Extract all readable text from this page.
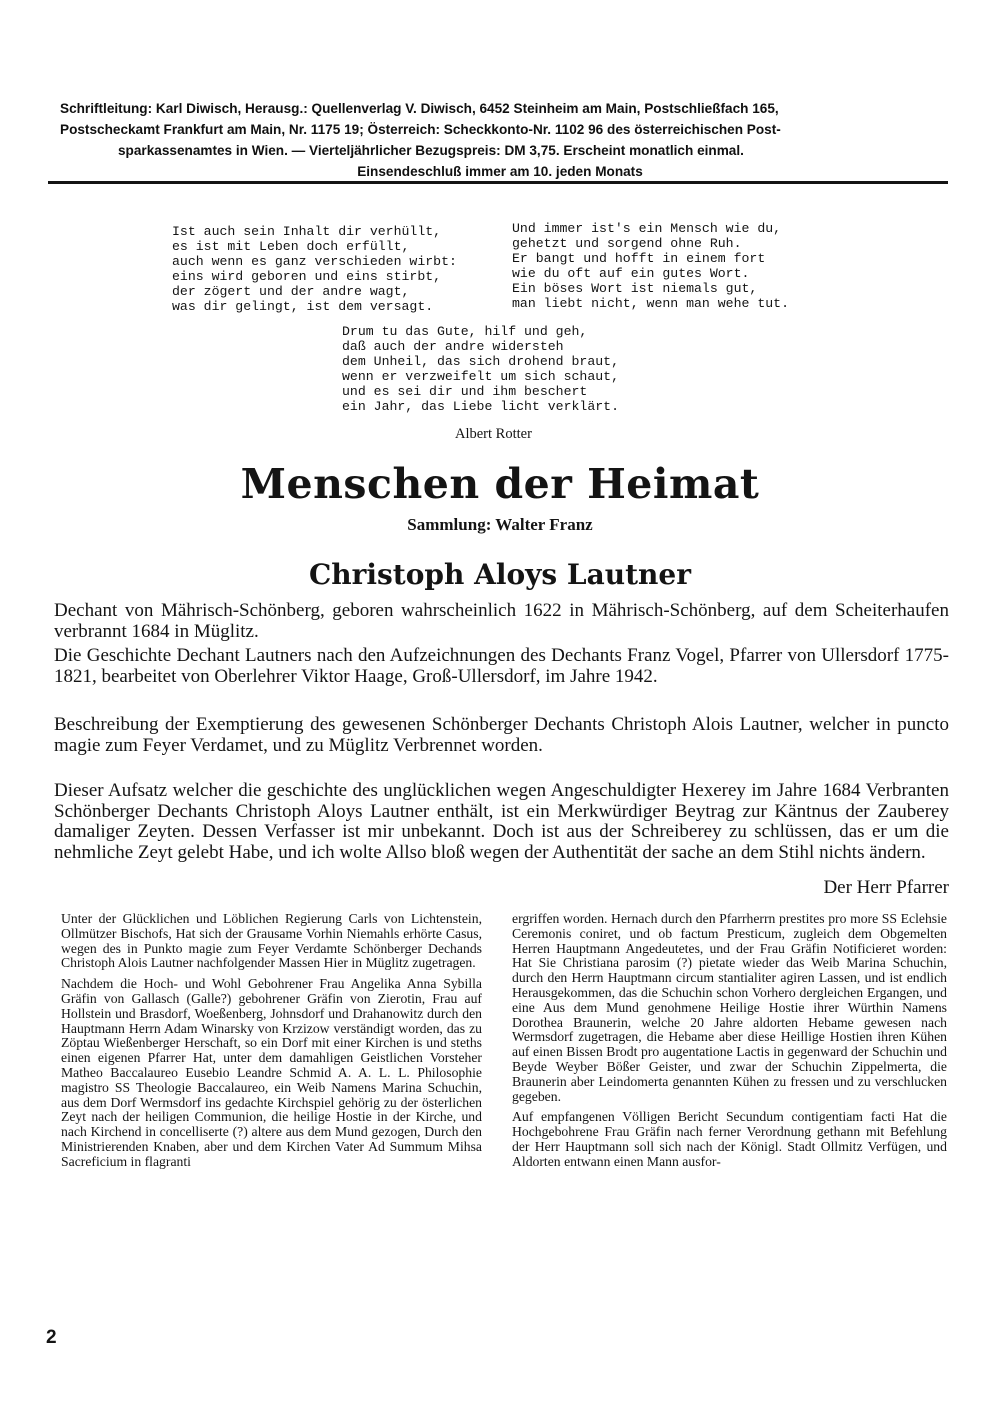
Schriftleitung: Karl Diwisch, Herausg.: Quellenverlag V. Diwisch, 6452 Steinheim am Main, Postschließfach 165,
Postscheckamt Frankfurt am Main, Nr. 1175 19; Österreich: Scheckkonto-Nr. 1102 96 des österreichischen Post-
sparkassenamtes in Wien. — Vierteljährlicher Bezugspreis: DM 3,75. Erscheint monatlich einmal.
Einsendeschluß immer am 10. jeden Monats
Ist auch sein Inhalt dir verhüllt,
es ist mit Leben doch erfüllt,
auch wenn es ganz verschieden wirbt:
eins wird geboren und eins stirbt,
der zögert und der andre wagt,
was dir gelingt, ist dem versagt.
Und immer ist's ein Mensch wie du,
gehetzt und sorgend ohne Ruh.
Er bangt und hofft in einem fort
wie du oft auf ein gutes Wort.
Ein böses Wort ist niemals gut,
man liebt nicht, wenn man wehe tut.
Drum tu das Gute, hilf und geh,
daß auch der andre widersteh
dem Unheil, das sich drohend braut,
wenn er verzweifelt um sich schaut,
und es sei dir und ihm beschert
ein Jahr, das Liebe licht verklärt.
Albert Rotter
Menschen der Heimat
Sammlung: Walter Franz
Christoph Aloys Lautner
Dechant von Mährisch-Schönberg, geboren wahrscheinlich 1622 in Mährisch-Schönberg, auf dem Scheiterhaufen verbrannt 1684 in Müglitz.
Die Geschichte Dechant Lautners nach den Aufzeichnungen des Dechants Franz Vogel, Pfarrer von Ullersdorf 1775-1821, bearbeitet von Oberlehrer Viktor Haage, Groß-Ullersdorf, im Jahre 1942.
Beschreibung der Exemptierung des gewesenen Schönberger Dechants Christoph Alois Lautner, welcher in puncto magie zum Feyer Verdamet, und zu Müglitz Verbrennet worden.
Dieser Aufsatz welcher die geschichte des unglücklichen wegen Angeschuldigter Hexerey im Jahre 1684 Verbranten Schönberger Dechants Christoph Aloys Lautner enthält, ist ein Merkwürdiger Beytrag zur Käntnus der Zauberey damaliger Zeyten. Dessen Verfasser ist mir unbekannt. Doch ist aus der Schreiberey zu schlüssen, das er um die nehmliche Zeyt gelebt Habe, und ich wolte Allso bloß wegen der Authentität der sache an dem Stihl nichts ändern.
Der Herr Pfarrer

Unter der Glücklichen und Löblichen Regierung Carls von Lichtenstein, Ollmützer Bischofs, Hat sich der Grausame Vorhin Niemahls erhörte Casus, wegen des in Punkto magie zum Feyer Verdamte Schönberger Dechands Christoph Alois Lautner nachfolgender Massen Hier in Müglitz zugetragen.

Nachdem die Hoch- und Wohl Gebohrener Frau Angelika Anna Sybilla Gräfin von Gallasch (Galle?) gebohrener Gräfin von Zierotin, Frau auf Hollstein und Brasdorf, Woeßenberg, Johnsdorf und Drahanowitz durch den Hauptmann Herrn Adam Winarsky von Krzizow verständigt worden, das zu Zöptau Wießenberger Herschaft, so ein Dorf mit einer Kirchen is und steths einen eigenen Pfarrer Hat, unter dem damahligen Geistlichen Vorsteher Matheo Baccalaureo Eusebio Leandre Schmid A. A. L. L. Philosophie magistro SS Theologie Baccalaureo, ein Weib Namens Marina Schuchin, aus dem Dorf Wermsdorf ins gedachte Kirchspiel gehörig zu der österlichen Zeyt nach der heiligen Communion, die heilige Hostie in der Kirche, und nach Kirchend in concelliserte (?) altere aus dem Mund gezogen, Durch den Ministrierenden Knaben, aber und dem Kirchen Vater Ad Summum Mihsa Sacreficium in flagranti

ergriffen worden. Hernach durch den Pfarrherrn prestites pro more SS Eclehsie Ceremonis coniret, und ob factum Presticum, zugleich dem Obgemelten Herren Hauptmann Angedeutetes, und der Frau Gräfin Notificieret worden: Hat Sie Christiana parosim (?) pietate wieder das Weib Marina Schuchin, durch den Herrn Hauptmann circum stantialiter agiren Lassen, und ist endlich Herausgekommen, das die Schuchin schon Vorhero dergleichen Ergangen, und eine Aus dem Mund genohmene Heilige Hostie ihrer Würthin Namens Dorothea Braunerin, welche 20 Jahre aldorten Hebame gewesen nach Wermsdorf zugetragen, die Hebame aber diese Heillige Hostien ihren Kühen auf einen Bissen Brodt pro augentatione Lactis in gegenward der Schuchin und Beyde Weyber Bößer Geister, und zwar der Schuchin Zippelmerta, die Braunerin aber Leindomerta genannten Kühen zu fressen und zu verschlucken gegeben.

Auf empfangenen Völligen Bericht Secundum contigentiam facti Hat die Hochgebohrene Frau Gräfin nach ferner Verordnung gethann mit Befehlung der Herr Hauptmann soll sich nach der Königl. Stadt Ollmitz Verfügen, und Aldorten entwann einen Mann ausfor-

2
